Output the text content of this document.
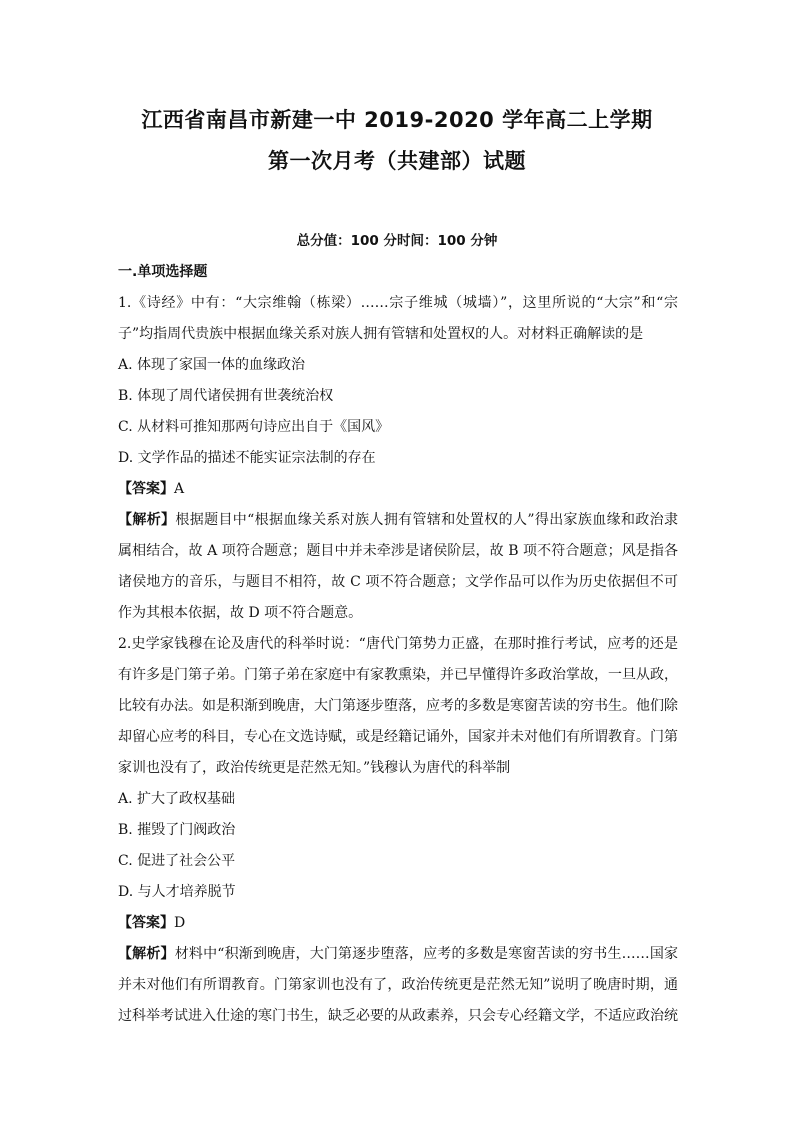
江西省南昌市新建一中 2019-2020 学年高二上学期
第一次月考（共建部）试题
总分值：100 分时间：100 分钟
一.单项选择题
1.《诗经》中有：“大宗维翰（栋梁）……宗子维城（城墙）”，这里所说的“大宗”和“宗子”均指周代贵族中根据血缘关系对族人拥有管辖和处置权的人。对材料正确解读的是
A. 体现了家国一体的血缘政治
B. 体现了周代诸侯拥有世袭统治权
C. 从材料可推知那两句诗应出自于《国风》
D. 文学作品的描述不能实证宗法制的存在
【答案】A
【解析】根据题目中“根据血缘关系对族人拥有管辖和处置权的人”得出家族血缘和政治隶属相结合，故 A 项符合题意；题目中并未牵涉是诸侯阶层，故 B 项不符合题意；风是指各诸侯地方的音乐，与题目不相符，故 C 项不符合题意；文学作品可以作为历史依据但不可作为其根本依据，故 D 项不符合题意。
2.史学家钱穆在论及唐代的科举时说：“唐代门第势力正盛，在那时推行考试，应考的还是有许多是门第子弟。门第子弟在家庭中有家教熏染，并已早懂得许多政治掌故，一旦从政，比较有办法。如是积渐到晚唐，大门第逐步堕落，应考的多数是寒窗苦读的穷书生。他们除却留心应考的科目，专心在文选诗赋，或是经籍记诵外，国家并未对他们有所谓教育。门第家训也没有了，政治传统更是茫然无知。”钱穆认为唐代的科举制
A. 扩大了政权基础
B. 摧毁了门阀政治
C. 促进了社会公平
D. 与人才培养脱节
【答案】D
【解析】材料中“积渐到晚唐，大门第逐步堕落，应考的多数是寒窗苦读的穷书生……国家并未对他们有所谓教育。门第家训也没有了，政治传统更是茫然无知”说明了晚唐时期，通过科举考试进入仕途的寒门书生，缺乏必要的从政素养，只会专心经籍文学，不适应政治统
